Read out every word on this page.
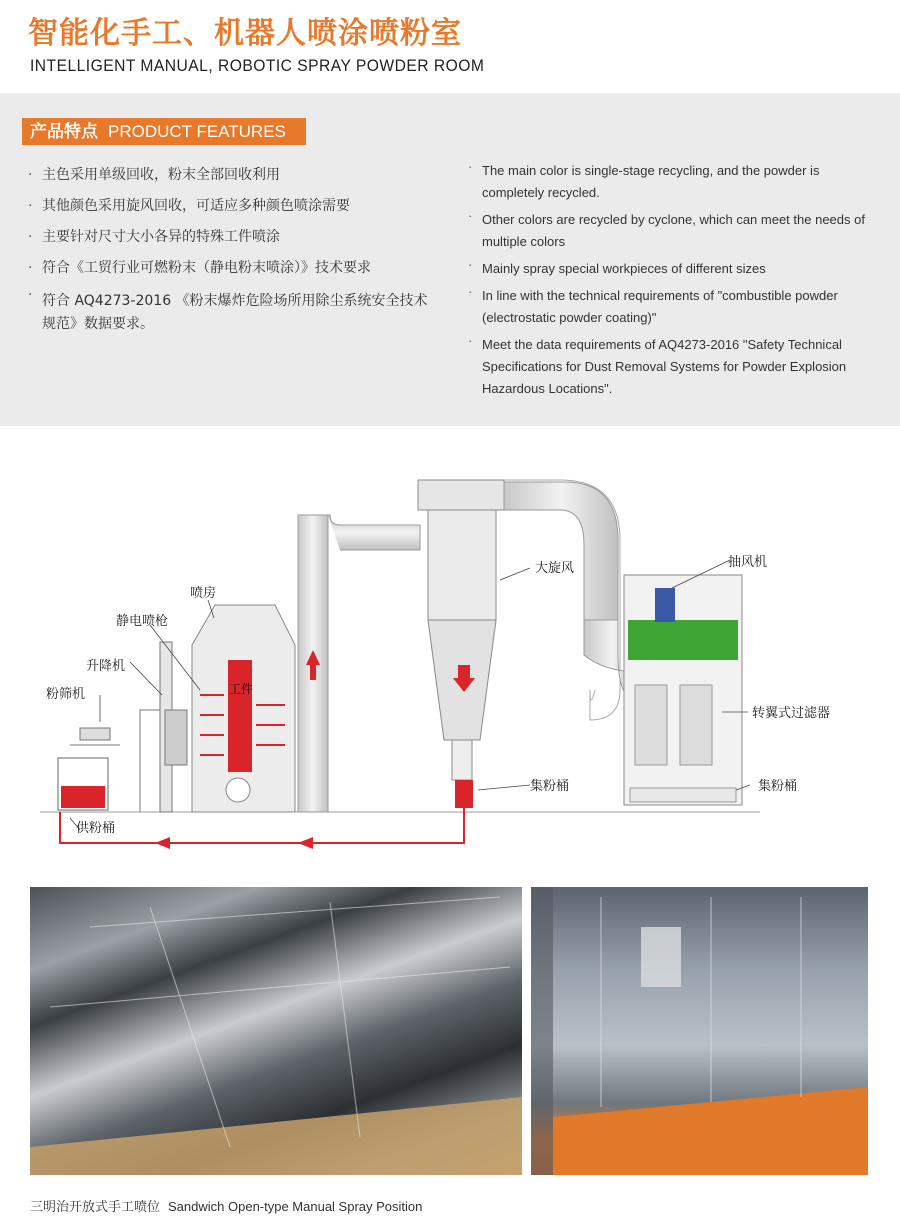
智能化手工、机器人喷涂喷粉室
INTELLIGENT MANUAL, ROBOTIC SPRAY POWDER ROOM
产品特点 PRODUCT FEATURES
· 主色采用单级回收，粉末全部回收利用
· 其他颜色采用旋风回收，可适应多种颜色喷涂需要
· 主要针对尺寸大小各异的特殊工件喷涂
· 符合《工贸行业可燃粉末（静电粉末喷涂）》技术要求
· 符合 AQ4273-2016 《粉末爆炸危险场所用除尘系统安全技术规范》数据要求。
· The main color is single-stage recycling, and the powder is completely recycled.
· Other colors are recycled by cyclone, which can meet the needs of multiple colors
· Mainly spray special workpieces of different sizes
· In line with the technical requirements of "combustible powder (electrostatic powder coating)"
· Meet the data requirements of AQ4273-2016 "Safety Technical Specifications for Dust Removal Systems for Powder Explosion Hazardous Locations".
喷房
静电喷枪
升降机
粉筛机
供粉桶
工件
大旋风
集粉桶
抽风机
转翼式过滤器
集粉桶
三明治开放式手工喷位 Sandwich Open-type Manual Spray Position
